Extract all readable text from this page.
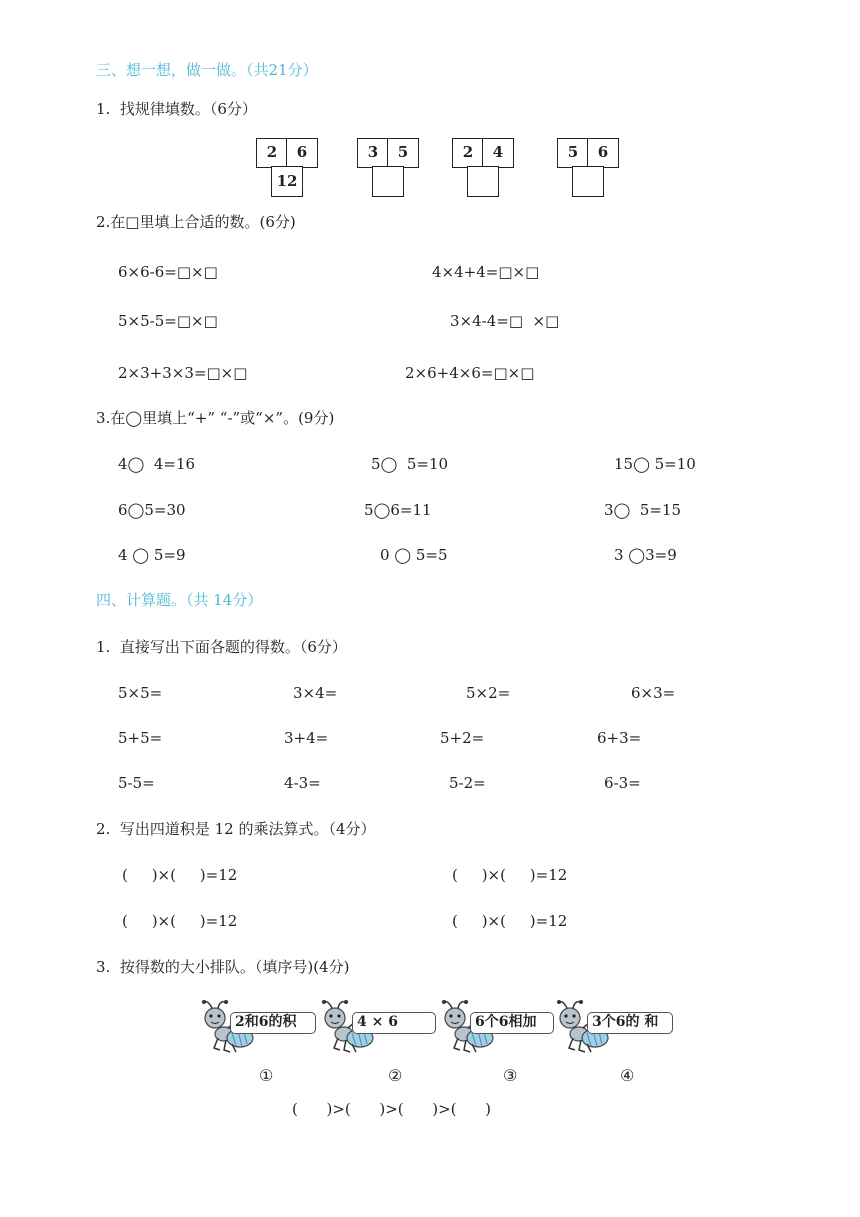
三、想一想，做一做。（共21分）
1.  找规律填数。（6分）
2	6
12
3	5	2	4	5	6
2.在□里填上合适的数。(6分)
6×6-6=□×□	4×4+4=□×□
5×5-5=□×□	3×4-4=□  ×□
2×3+3×3=□×□	2×6+4×6=□×□
3.在◯里填上“+” “-”或“×”。(9分)
4◯  4=16	5◯  5=10	15◯ 5=10
6◯5=30	5◯6=11	3◯  5=15
4 ◯ 5=9	0 ◯ 5=5	3 ◯3=9
四、计算题。（共 14分）
1.  直接写出下面各题的得数。（6分）
5×5=	3×4=	5×2=	6×3=
5+5=	3+4=	5+2=	6+3=
5-5=	4-3=	5-2=	6-3=
2.  写出四道积是 12 的乘法算式。（4分）
(     )×(     )=12	(     )×(     )=12
(     )×(     )=12	(     )×(     )=12
3.  按得数的大小排队。（填序号)(4分)
2和6的积
①
4 × 6
②
6个6相加
③
3个6的 和
④
(      )>(      )>(      )>(      )
